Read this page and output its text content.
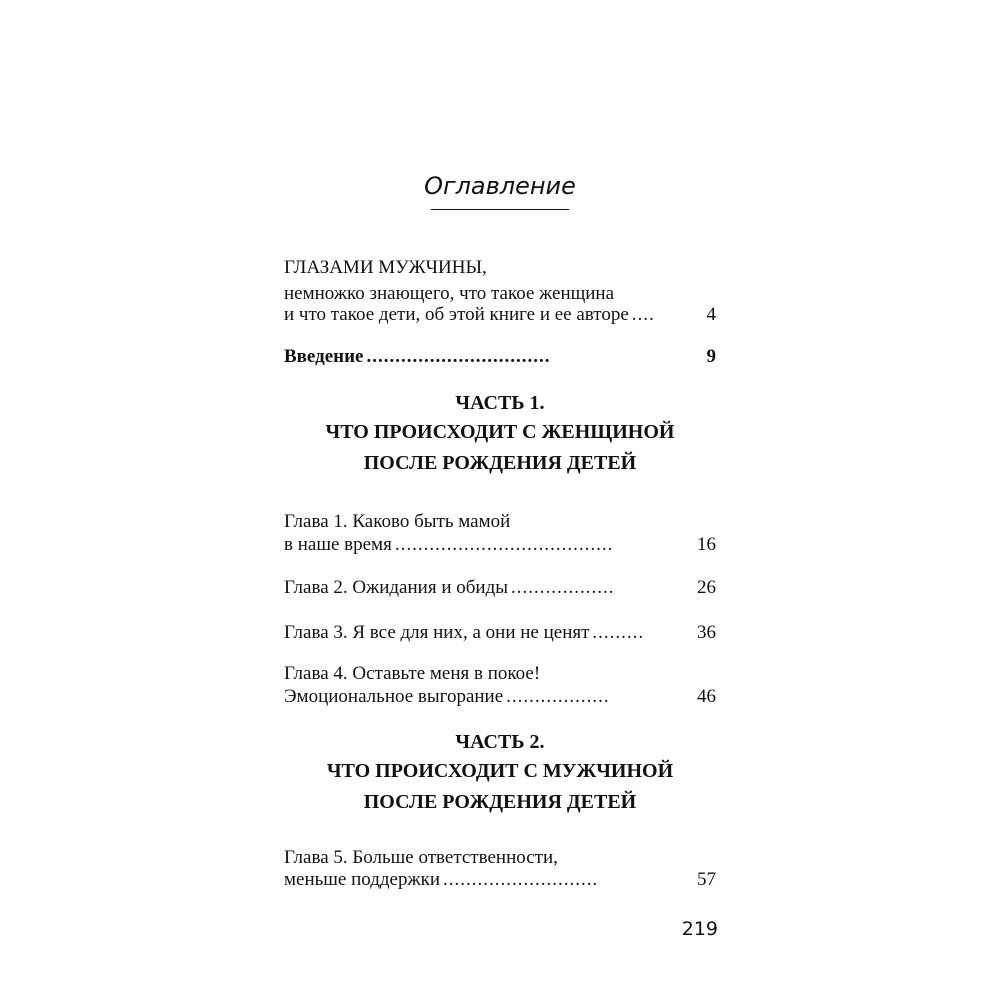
Оглавление
ГЛАЗАМИ МУЖЧИНЫ,
немножко знающего, что такое женщина
и что такое дети, об этой книге и ее авторе ....	4
Введение ................................	9
ЧАСТЬ 1.
ЧТО ПРОИСХОДИТ С ЖЕНЩИНОЙ
ПОСЛЕ РОЖДЕНИЯ ДЕТЕЙ
Глава 1. Каково быть мамой
в наше время ......................................	16
Глава 2. Ожидания и обиды ..................	26
Глава 3. Я все для них, а они не ценят .........	36
Глава 4. Оставьте меня в покое!
Эмоциональное выгорание ..................	46
ЧАСТЬ 2.
ЧТО ПРОИСХОДИТ С МУЖЧИНОЙ
ПОСЛЕ РОЖДЕНИЯ ДЕТЕЙ
Глава 5. Больше ответственности,
меньше поддержки ...........................	57
219
